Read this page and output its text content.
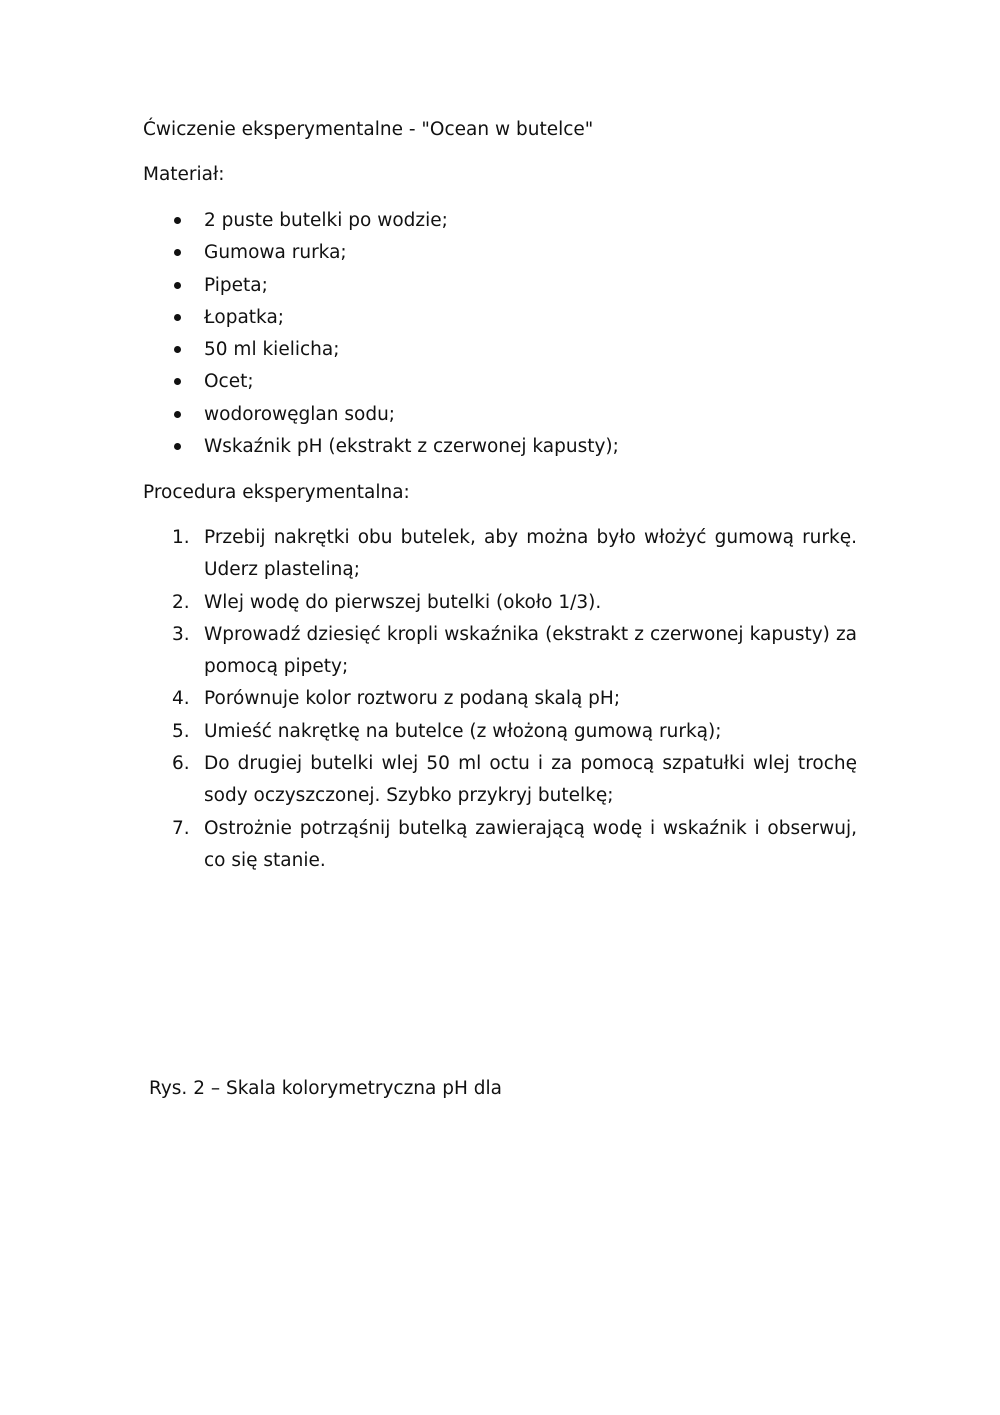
Ćwiczenie eksperymentalne - "Ocean w butelce"

Materiał:

2 puste butelki po wodzie;
Gumowa rurka;
Pipeta;
Łopatka;
50 ml kielicha;
Ocet;
wodorowęglan sodu;
Wskaźnik pH (ekstrakt z czerwonej kapusty);

Procedura eksperymentalna:

1. Przebij nakrętki obu butelek, aby można było włożyć gumową rurkę. Uderz plasteliną;
2. Wlej wodę do pierwszej butelki (około 1/3).
3. Wprowadź dziesięć kropli wskaźnika (ekstrakt z czerwonej kapusty) za pomocą pipety;
4. Porównuje kolor roztworu z podaną skalą pH;
5. Umieść nakrętkę na butelce (z włożoną gumową rurką);
6. Do drugiej butelki wlej 50 ml octu i za pomocą szpatułki wlej trochę sody oczyszczonej. Szybko przykryj butelkę;
7. Ostrożnie potrząśnij butelką zawierającą wodę i wskaźnik i obserwuj, co się stanie.

Rys. 2 – Skala kolorymetryczna pH dla
